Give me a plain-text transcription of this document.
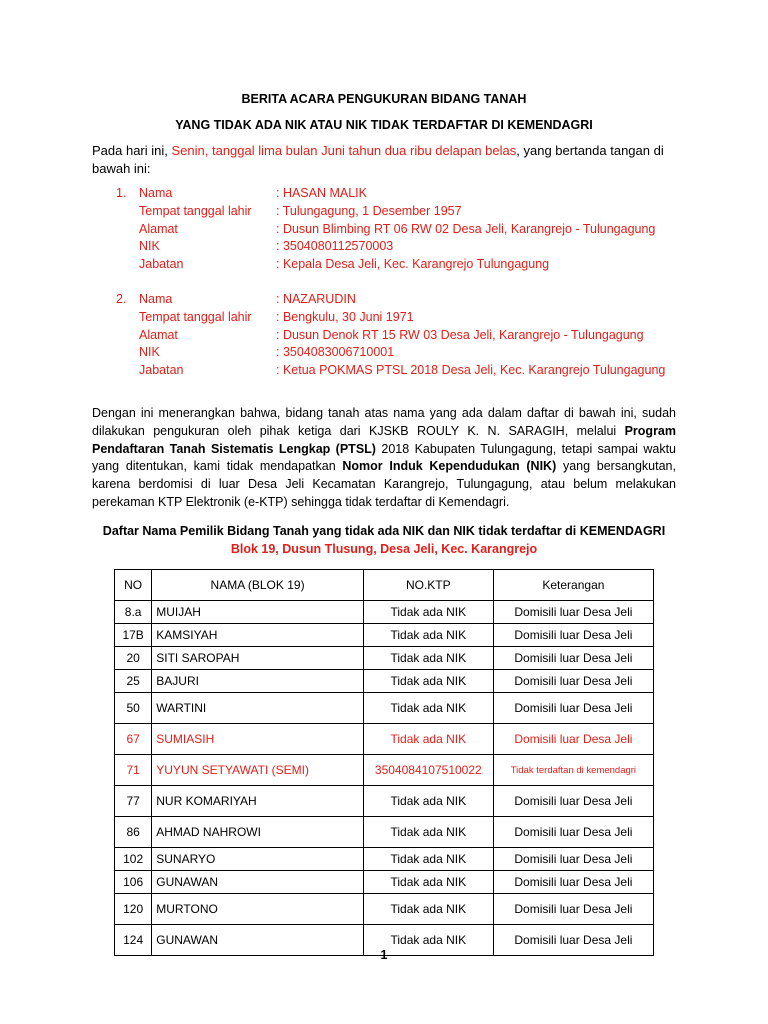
BERITA ACARA PENGUKURAN BIDANG TANAH
YANG TIDAK ADA NIK ATAU NIK TIDAK TERDAFTAR DI KEMENDAGRI
Pada hari ini, Senin, tanggal lima bulan Juni tahun dua ribu delapan belas, yang bertanda tangan di bawah ini:
1. Nama	: HASAN MALIK
Tempat tanggal lahir : Tulungagung, 1 Desember 1957
Alamat	: Dusun Blimbing RT 06 RW 02 Desa Jeli, Karangrejo - Tulungagung
NIK	: 3504080112570003
Jabatan	: Kepala Desa Jeli, Kec. Karangrejo Tulungagung
2. Nama	: NAZARUDIN
Tempat tanggal lahir : Bengkulu, 30 Juni 1971
Alamat	: Dusun Denok RT 15 RW 03 Desa Jeli, Karangrejo - Tulungagung
NIK	: 3504083006710001
Jabatan	: Ketua POKMAS PTSL 2018 Desa Jeli, Kec. Karangrejo Tulungagung
Dengan ini menerangkan bahwa, bidang tanah atas nama yang ada dalam daftar di bawah ini, sudah dilakukan pengukuran oleh pihak ketiga dari KJSKB ROULY K. N. SARAGIH, melalui Program Pendaftaran Tanah Sistematis Lengkap (PTSL) 2018 Kabupaten Tulungagung, tetapi sampai waktu yang ditentukan, kami tidak mendapatkan Nomor Induk Kependudukan (NIK) yang bersangkutan, karena berdomisi di luar Desa Jeli Kecamatan Karangrejo, Tulungagung, atau belum melakukan perekaman KTP Elektronik (e-KTP) sehingga tidak terdaftar di Kemendagri.
Daftar Nama Pemilik Bidang Tanah yang tidak ada NIK dan NIK tidak terdaftar di KEMENDAGRI
Blok 19, Dusun Tlusung, Desa Jeli, Kec. Karangrejo
NO	NAMA (BLOK 19)	NO.KTP	Keterangan
8.a	MUIJAH	Tidak ada NIK	Domisili luar Desa Jeli
17B	KAMSIYAH	Tidak ada NIK	Domisili luar Desa Jeli
20	SITI SAROPAH	Tidak ada NIK	Domisili luar Desa Jeli
25	BAJURI	Tidak ada NIK	Domisili luar Desa Jeli
50	WARTINI	Tidak ada NIK	Domisili luar Desa Jeli
67	SUMIASIH	Tidak ada NIK	Domisili luar Desa Jeli
71	YUYUN SETYAWATI (SEMI)	3504084107510022	Tidak terdaftan di kemendagri
77	NUR KOMARIYAH	Tidak ada NIK	Domisili luar Desa Jeli
86	AHMAD NAHROWI	Tidak ada NIK	Domisili luar Desa Jeli
102	SUNARYO	Tidak ada NIK	Domisili luar Desa Jeli
106	GUNAWAN	Tidak ada NIK	Domisili luar Desa Jeli
120	MURTONO	Tidak ada NIK	Domisili luar Desa Jeli
124	GUNAWAN	Tidak ada NIK	Domisili luar Desa Jeli
1
